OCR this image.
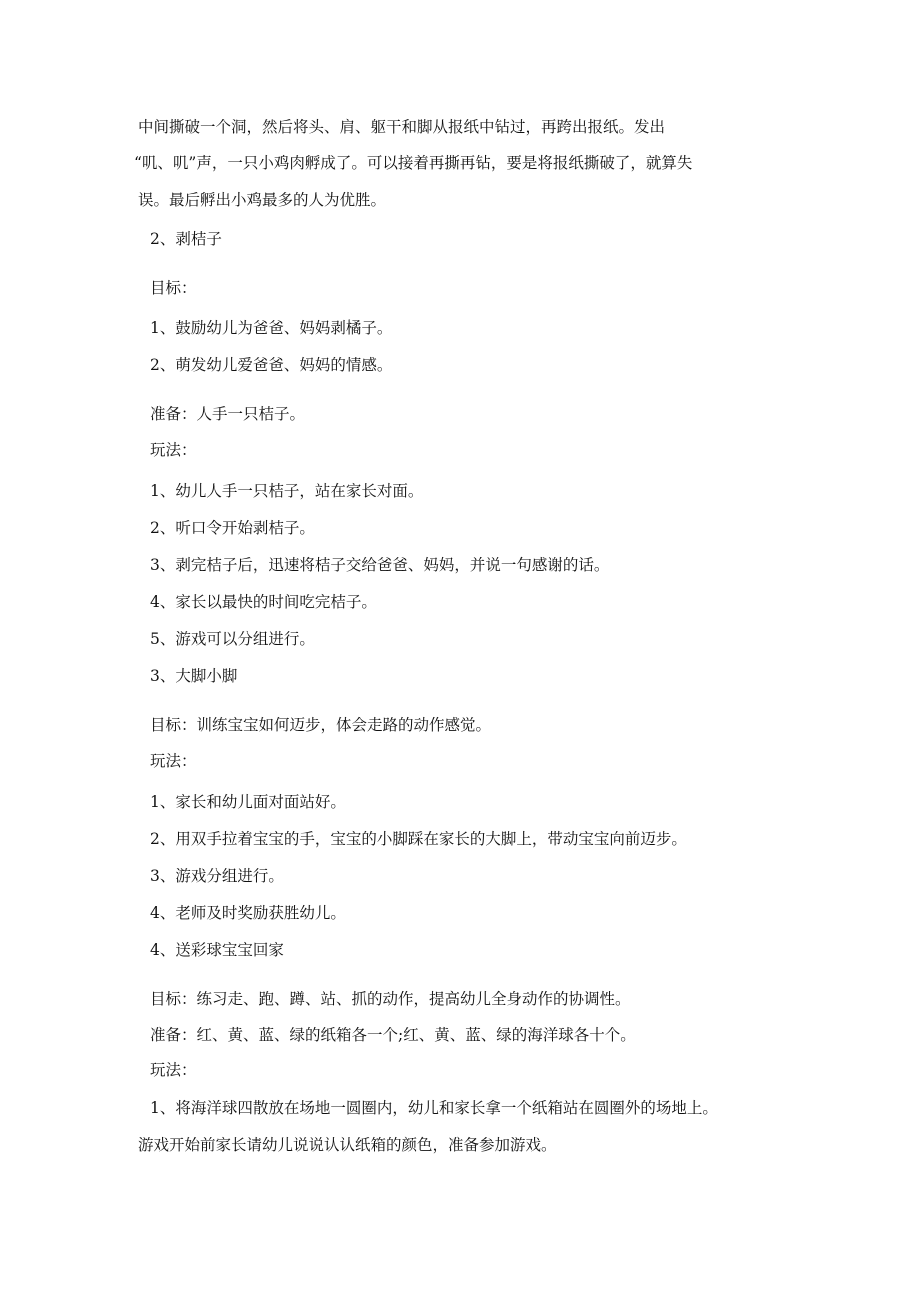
中间撕破一个洞，然后将头、肩、躯干和脚从报纸中钻过，再跨出报纸。发出
“叽、叽”声，一只小鸡肉孵成了。可以接着再撕再钻，要是将报纸撕破了，就算失
误。最后孵出小鸡最多的人为优胜。
2、剥桔子
目标：
1、鼓励幼儿为爸爸、妈妈剥橘子。
2、萌发幼儿爱爸爸、妈妈的情感。
准备：人手一只桔子。
玩法：
1、幼儿人手一只桔子，站在家长对面。
2、听口令开始剥桔子。
3、剥完桔子后，迅速将桔子交给爸爸、妈妈，并说一句感谢的话。
4、家长以最快的时间吃完桔子。
5、游戏可以分组进行。
3、大脚小脚
目标：训练宝宝如何迈步，体会走路的动作感觉。
玩法：
1、家长和幼儿面对面站好。
2、用双手拉着宝宝的手，宝宝的小脚踩在家长的大脚上，带动宝宝向前迈步。
3、游戏分组进行。
4、老师及时奖励获胜幼儿。
4、送彩球宝宝回家
目标：练习走、跑、蹲、站、抓的动作，提高幼儿全身动作的协调性。
准备：红、黄、蓝、绿的纸箱各一个;红、黄、蓝、绿的海洋球各十个。
玩法：
1、将海洋球四散放在场地一圆圈内，幼儿和家长拿一个纸箱站在圆圈外的场地上。
游戏开始前家长请幼儿说说认认纸箱的颜色，准备参加游戏。
